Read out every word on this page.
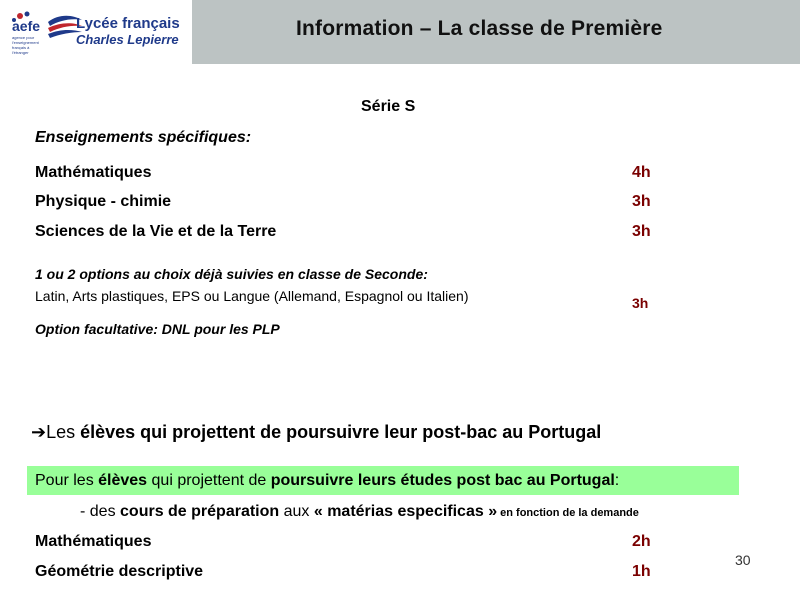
aefe
agence pour l'enseignement français à l'étranger
Lycée français
Charles Lepierre	Information – La classe de Première
Série S
Enseignements spécifiques:
Mathématiques	4h
Physique - chimie	3h
Sciences de la Vie et de la Terre	3h
1 ou 2 options au choix déjà suivies en classe de Seconde:
Latin, Arts plastiques, EPS ou Langue (Allemand, Espagnol ou Italien)	3h
Option facultative: DNL pour les PLP
➔Les élèves qui projettent de poursuivre leur post-bac au Portugal
Pour les élèves qui projettent de poursuivre leurs études post bac au Portugal:
- des cours de préparation aux « matérias especificas » en fonction de la demande
Mathématiques	2h
Géométrie descriptive	1h
30
